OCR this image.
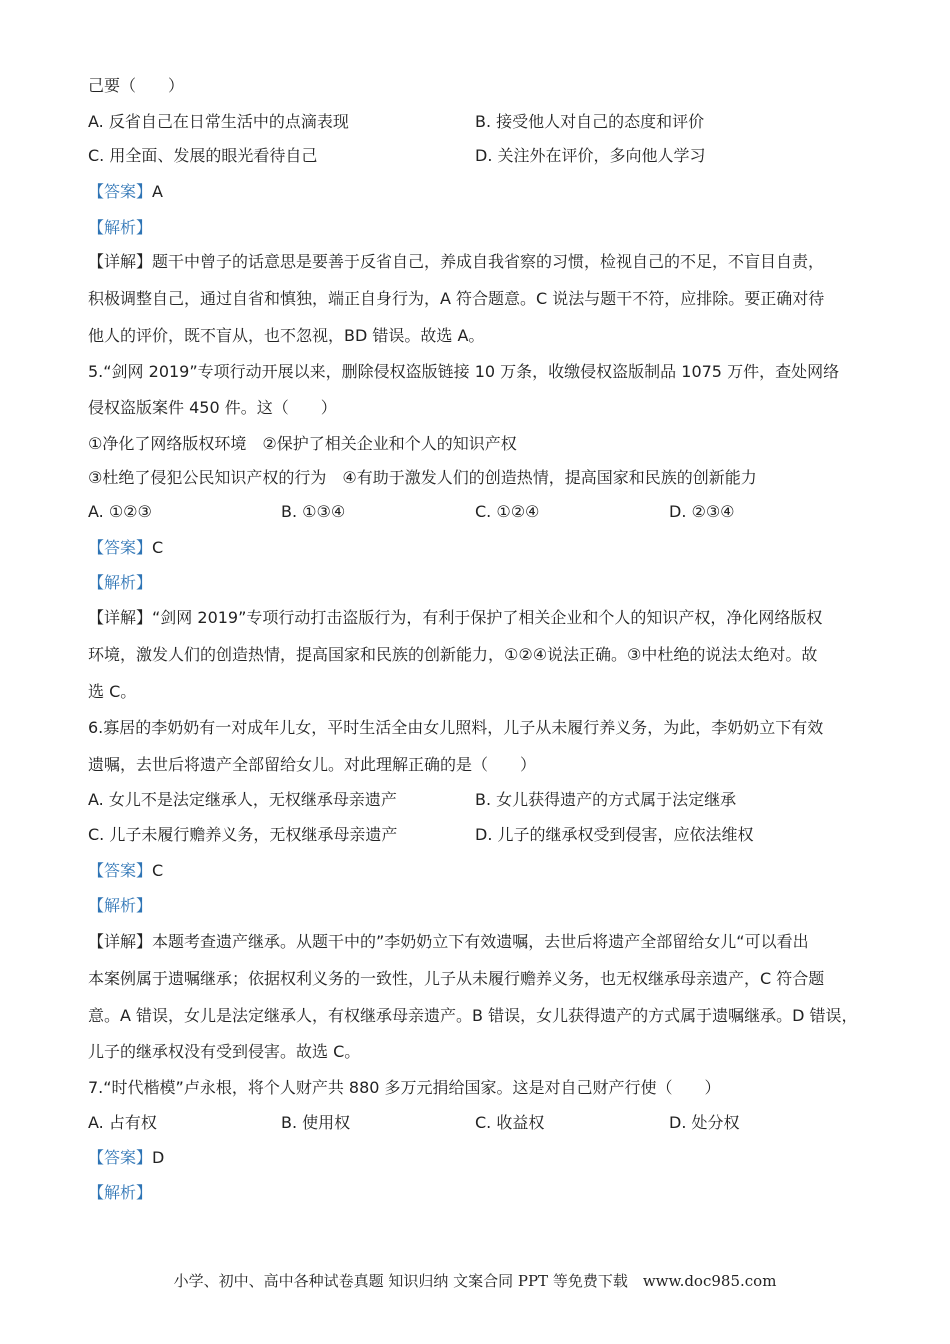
己要（　　）
A. 反省自己在日常生活中的点滴表现	B. 接受他人对自己的态度和评价
C. 用全面、发展的眼光看待自己	D. 关注外在评价，多向他人学习
【答案】A
【解析】
【详解】题干中曾子的话意思是要善于反省自己，养成自我省察的习惯，检视自己的不足，不盲目自责，
积极调整自己，通过自省和慎独，端正自身行为，A 符合题意。C 说法与题干不符，应排除。要正确对待
他人的评价，既不盲从，也不忽视，BD 错误。故选 A。
5.“剑网 2019”专项行动开展以来，删除侵权盗版链接 10 万条，收缴侵权盗版制品 1075 万件，查处网络
侵权盗版案件 450 件。这（　　）
①净化了网络版权环境　②保护了相关企业和个人的知识产权
③杜绝了侵犯公民知识产权的行为　④有助于激发人们的创造热情，提高国家和民族的创新能力
A. ①②③	B. ①③④	C. ①②④	D. ②③④
【答案】C
【解析】
【详解】“剑网 2019”专项行动打击盗版行为，有利于保护了相关企业和个人的知识产权，净化网络版权
环境，激发人们的创造热情，提高国家和民族的创新能力，①②④说法正确。③中杜绝的说法太绝对。故
选 C。
6.寡居的李奶奶有一对成年儿女，平时生活全由女儿照料，儿子从未履行养义务，为此，李奶奶立下有效
遗嘱，去世后将遗产全部留给女儿。对此理解正确的是（　　）
A. 女儿不是法定继承人，无权继承母亲遗产	B. 女儿获得遗产的方式属于法定继承
C. 儿子未履行赡养义务，无权继承母亲遗产	D. 儿子的继承权受到侵害，应依法维权
【答案】C
【解析】
【详解】本题考查遗产继承。从题干中的”李奶奶立下有效遗嘱，去世后将遗产全部留给女儿“可以看出
本案例属于遗嘱继承；依据权利义务的一致性，儿子从未履行赡养义务，也无权继承母亲遗产，C 符合题
意。A 错误，女儿是法定继承人，有权继承母亲遗产。B 错误，女儿获得遗产的方式属于遗嘱继承。D 错误，
儿子的继承权没有受到侵害。故选 C。
7.“时代楷模”卢永根，将个人财产共 880 多万元捐给国家。这是对自己财产行使（　　）
A. 占有权	B. 使用权	C. 收益权	D. 处分权
【答案】D
【解析】
小学、初中、高中各种试卷真题 知识归纳 文案合同 PPT 等免费下载　www.doc985.com
